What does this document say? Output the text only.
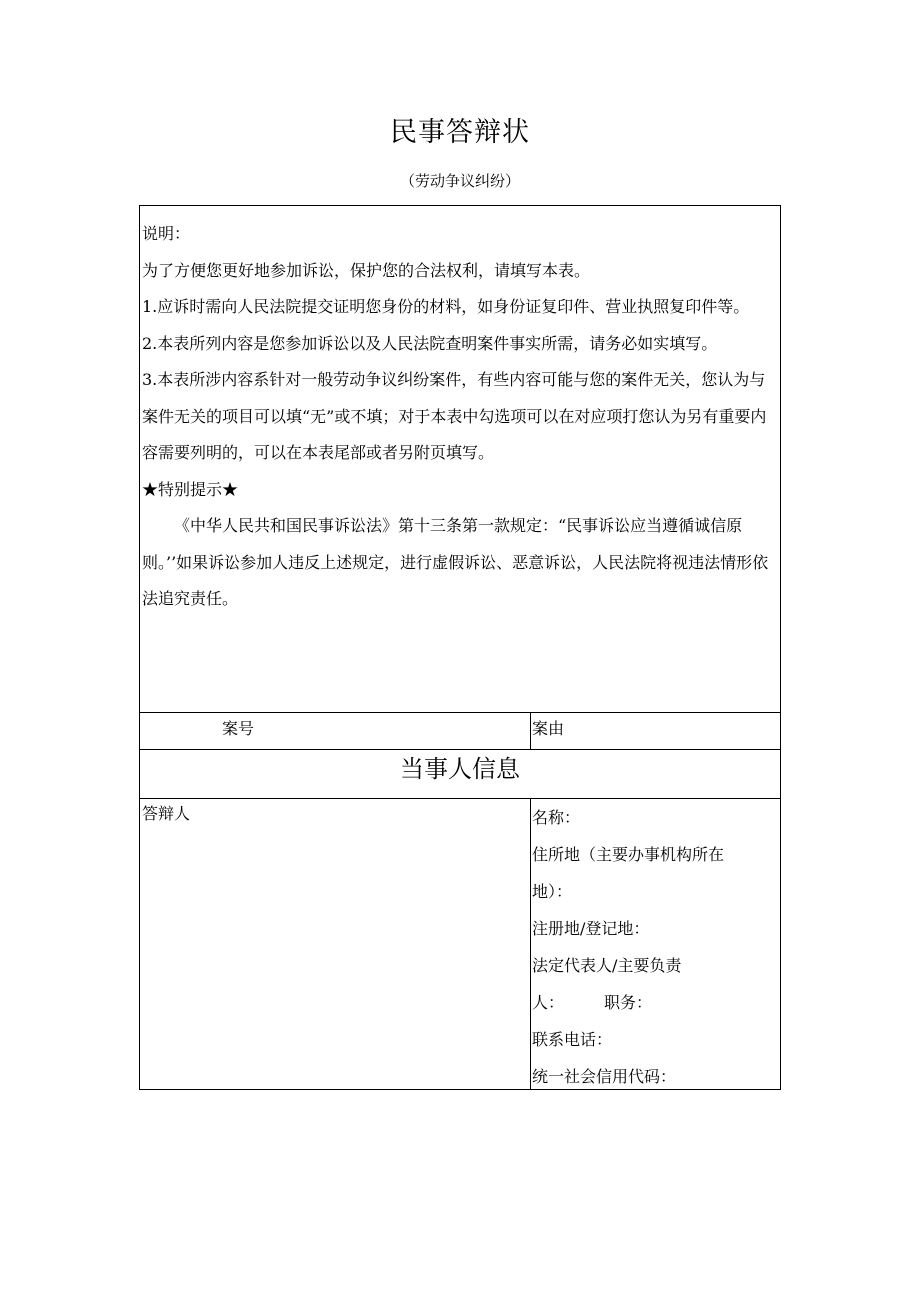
民事答辩状
（劳动争议纠纷）

说明：

为了方便您更好地参加诉讼，保护您的合法权利，请填写本表。

1.应诉时需向人民法院提交证明您身份的材料，如身份证复印件、营业执照复印件等。

2.本表所列内容是您参加诉讼以及人民法院查明案件事实所需，请务必如实填写。

3.本表所涉内容系针对一般劳动争议纠纷案件，有些内容可能与您的案件无关，您认为与案件无关的项目可以填“无”或不填；对于本表中勾选项可以在对应项打您认为另有重要内容需要列明的，可以在本表尾部或者另附页填写。

★特别提示★

《中华人民共和国民事诉讼法》第十三条第一款规定：“民事诉讼应当遵循诚信原则。’’如果诉讼参加人违反上述规定，进行虚假诉讼、恶意诉讼，人民法院将视违法情形依法追究责任。

案号	案由
当事人信息
答辩人	名称：
住所地（主要办事机构所在
地）：
注册地/登记地：
法定代表人/主要负责
人：	职务：
联系电话：
统一社会信用代码：
